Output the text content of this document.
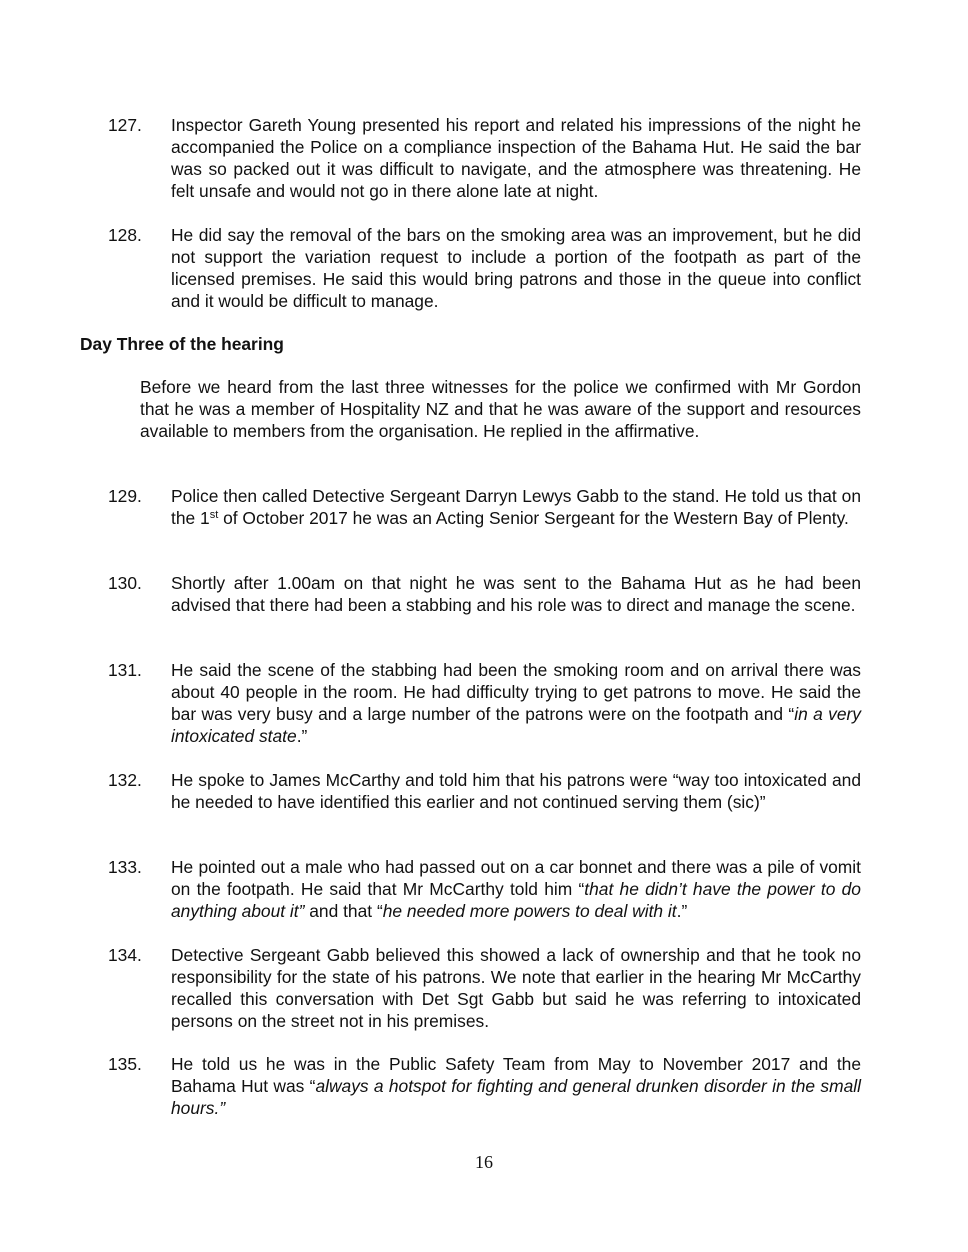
127. Inspector Gareth Young presented his report and related his impressions of the night he accompanied the Police on a compliance inspection of the Bahama Hut. He said the bar was so packed out it was difficult to navigate, and the atmosphere was threatening. He felt unsafe and would not go in there alone late at night.
128. He did say the removal of the bars on the smoking area was an improvement, but he did not support the variation request to include a portion of the footpath as part of the licensed premises. He said this would bring patrons and those in the queue into conflict and it would be difficult to manage.
Day Three of the hearing
Before we heard from the last three witnesses for the police we confirmed with Mr Gordon that he was a member of Hospitality NZ and that he was aware of the support and resources available to members from the organisation. He replied in the affirmative.
129. Police then called Detective Sergeant Darryn Lewys Gabb to the stand. He told us that on the 1st of October 2017 he was an Acting Senior Sergeant for the Western Bay of Plenty.
130. Shortly after 1.00am on that night he was sent to the Bahama Hut as he had been advised that there had been a stabbing and his role was to direct and manage the scene.
131. He said the scene of the stabbing had been the smoking room and on arrival there was about 40 people in the room. He had difficulty trying to get patrons to move. He said the bar was very busy and a large number of the patrons were on the footpath and “in a very intoxicated state.”
132. He spoke to James McCarthy and told him that his patrons were “way too intoxicated and he needed to have identified this earlier and not continued serving them (sic)”
133. He pointed out a male who had passed out on a car bonnet and there was a pile of vomit on the footpath. He said that Mr McCarthy told him “that he didn’t have the power to do anything about it” and that “he needed more powers to deal with it.”
134. Detective Sergeant Gabb believed this showed a lack of ownership and that he took no responsibility for the state of his patrons. We note that earlier in the hearing Mr McCarthy recalled this conversation with Det Sgt Gabb but said he was referring to intoxicated persons on the street not in his premises.
135. He told us he was in the Public Safety Team from May to November 2017 and the Bahama Hut was “always a hotspot for fighting and general drunken disorder in the small hours.”
16
